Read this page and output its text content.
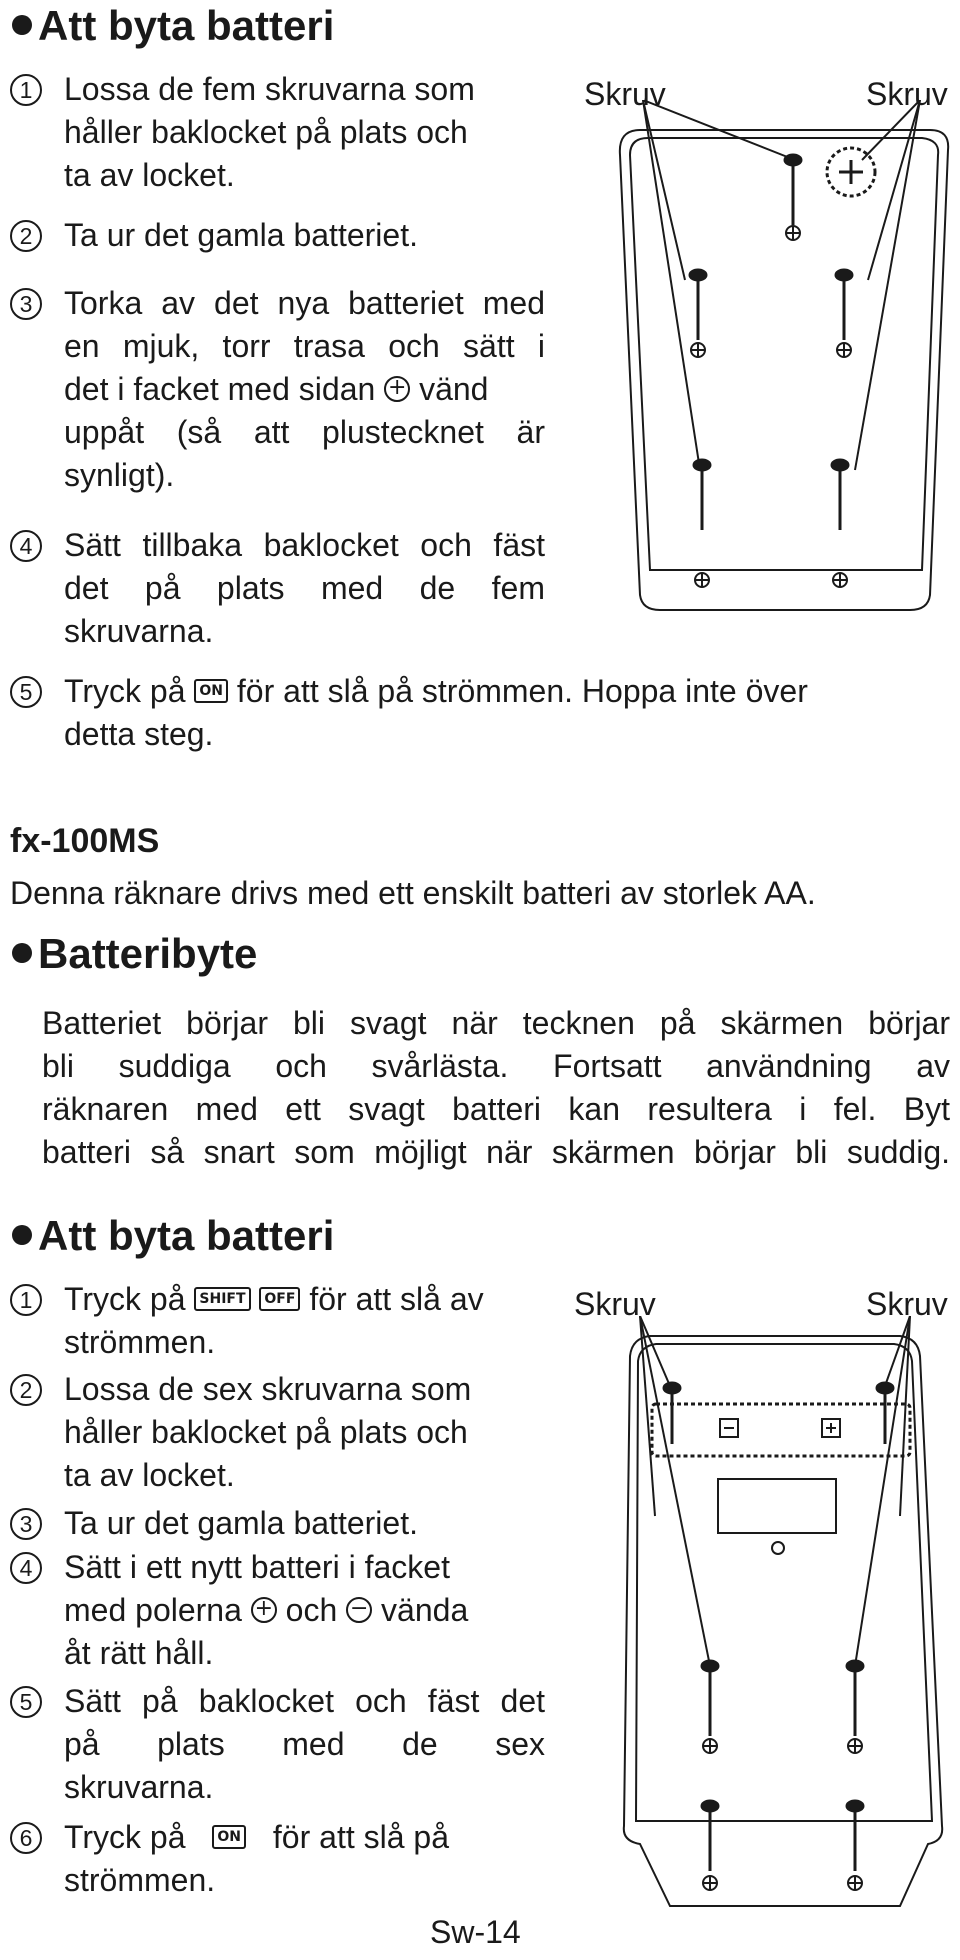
Att byta batteri
1 Lossa de fem skruvarna som
håller baklocket på plats och
ta av locket.
2 Ta ur det gamla batteriet.
3 Torka av det nya batteriet med
en mjuk, torr trasa och sätt i
det i facket med sidan + vänd
uppåt (så att plustecknet är
synligt).
4 Sätt tillbaka baklocket och fäst
det på plats med de fem
skruvarna.
5 Tryck på ON för att slå på strömmen. Hoppa inte över
detta steg.
Skruv	Skruv
fx-100MS
Denna räknare drivs med ett enskilt batteri av storlek AA.
Batteribyte
Batteriet börjar bli svagt när tecknen på skärmen börjar
bli suddiga och svårlästa. Fortsatt användning av
räknaren med ett svagt batteri kan resultera i fel. Byt
batteri så snart som möjligt när skärmen börjar bli suddig.
Att byta batteri
1 Tryck på SHIFT OFF för att slå av
strömmen.
2 Lossa de sex skruvarna som
håller baklocket på plats och
ta av locket.
3 Ta ur det gamla batteriet.
4 Sätt i ett nytt batteri i facket
med polerna + och − vända
åt rätt håll.
5 Sätt på baklocket och fäst det
på plats med de sex
skruvarna.
6 Tryck på ON för att slå på
strömmen.
Skruv	Skruv
Sw-14
